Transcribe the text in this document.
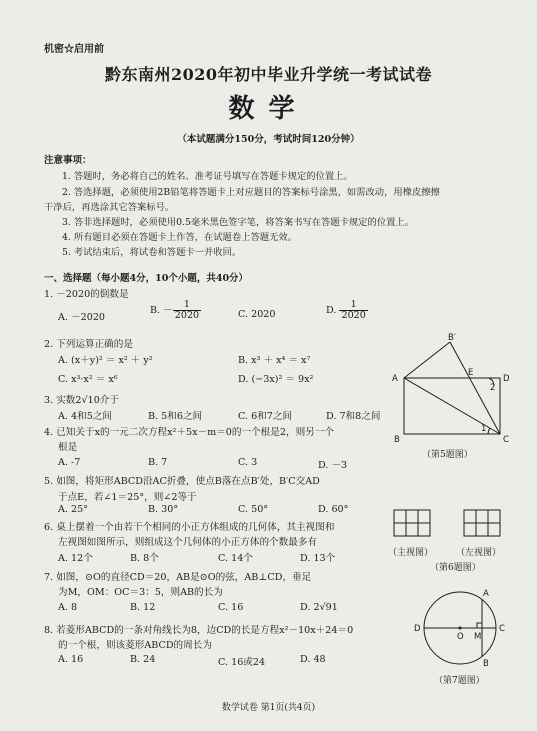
机密☆启用前
黔东南州2020年初中毕业升学统一考试试卷
数学
（本试题满分150分，考试时间120分钟）
注意事项：
1. 答题时，务必将自己的姓名、准考证号填写在答题卡规定的位置上。
2. 答选择题，必须使用2B铅笔将答题卡上对应题目的答案标号涂黑，如需改动，用橡皮擦擦
干净后，再选涂其它答案标号。
3. 答非选择题时，必须使用0.5毫米黑色签字笔，将答案书写在答题卡规定的位置上。
4. 所有题目必须在答题卡上作答，在试题卷上答题无效。
5. 考试结束后，将试卷和答题卡一并收回。
一、选择题（每小题4分，10个小题，共40分）
1. －2020的倒数是
A. －2020
B. － $\frac{1}{2020}$	C. 2020	D. $\frac{1}{2020}$
2. 下列运算正确的是
A. (x＋y)² ＝ x² ＋ y²	B. x³ ＋ x⁴ ＝ x⁷
C. x³·x² ＝ x⁶	D. (−3x)² ＝ 9x²
3. 实数2√10介于
A. 4和5之间	B. 5和6之间	C. 6和7之间	D. 7和8之间
4. 已知关于x的一元二次方程x²＋5x－m＝0的一个根是2，则另一个
根是
A. -7	B. 7	C. 3	D. －3
5. 如图，将矩形ABCD沿AC折叠，使点B落在点B′处，B′C交AD
于点E，若∠1＝25°，则∠2等于
A. 25°	B. 30°	C. 50°	D. 60°
6. 桌上摆着一个由若干个相同的小正方体组成的几何体，其主视图和
左视图如图所示，则组成这个几何体的小正方体的个数最多有
A. 12个	B. 8个	C. 14个	D. 13个
7. 如图，⊙O的直径CD＝20，AB是⊙O的弦，AB⊥CD，垂足
为M，OM：OC＝3：5，则AB的长为
A. 8	B. 12	C. 16	D. 2√91
8. 若菱形ABCD的一条对角线长为8，边CD的长是方程x²－10x＋24＝0
的一个根，则该菱形ABCD的周长为
A. 16	B. 24	C. 16或24	D. 48
A
B	C
D
E
B′
1
2
（第5题图）
（主视图）	（左视图）
（第6题图）
A
B
C
D
O M
（第7题图）
数学试卷 第1页(共4页)
